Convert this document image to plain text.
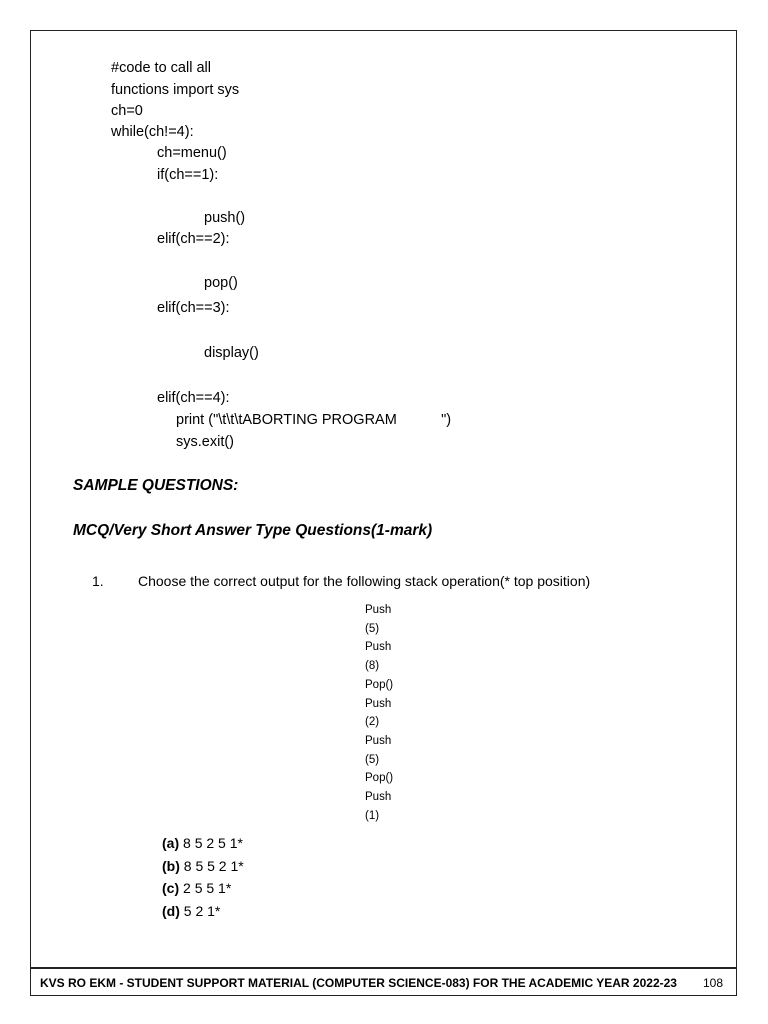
#code to call all
functions import sys
ch=0
while(ch!=4):
ch=menu()
if(ch==1):
push()
elif(ch==2):
pop()
elif(ch==3):
display()
elif(ch==4):
print ("\t\t\tABORTING PROGRAM           ")
sys.exit()
SAMPLE QUESTIONS:
MCQ/Very Short Answer Type Questions(1-mark)
1. Choose the correct output for the following stack operation(* top position)
Push
(5)
Push
(8)
Pop()
Push
(2)
Push
(5)
Pop()
Push
(1)
(a) 8 5 2 5 1*
(b) 8 5 5 2 1*
(c) 2 5 5 1*
(d) 5 2 1*
KVS RO EKM - STUDENT SUPPORT MATERIAL (COMPUTER SCIENCE-083) FOR THE ACADEMIC YEAR 2022-23 108
